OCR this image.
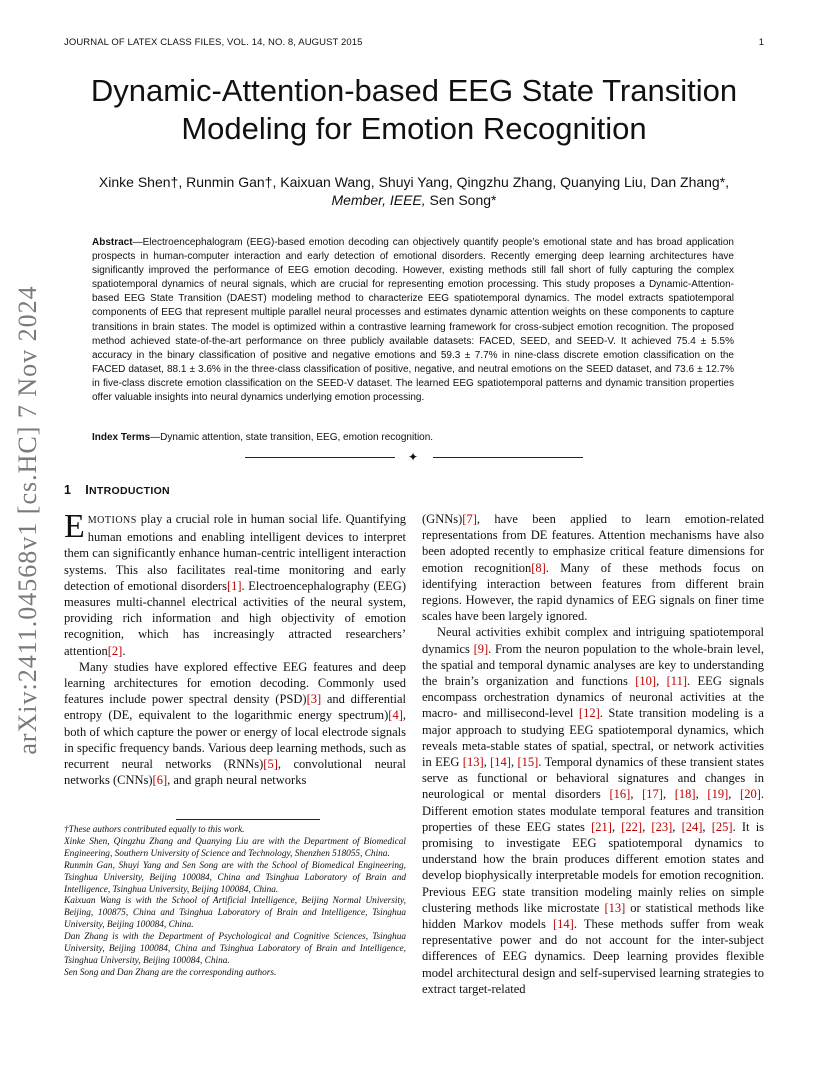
JOURNAL OF LATEX CLASS FILES, VOL. 14, NO. 8, AUGUST 2015	1
arXiv:2411.04568v1 [cs.HC] 7 Nov 2024
Dynamic-Attention-based EEG State Transition
Modeling for Emotion Recognition
Xinke Shen†, Runmin Gan†, Kaixuan Wang, Shuyi Yang, Qingzhu Zhang, Quanying Liu, Dan Zhang*, Member, IEEE, Sen Song*
Abstract—Electroencephalogram (EEG)-based emotion decoding can objectively quantify people’s emotional state and has broad application prospects in human-computer interaction and early detection of emotional disorders. Recently emerging deep learning architectures have significantly improved the performance of EEG emotion decoding. However, existing methods still fall short of fully capturing the complex spatiotemporal dynamics of neural signals, which are crucial for representing emotion processing. This study proposes a Dynamic-Attention-based EEG State Transition (DAEST) modeling method to characterize EEG spatiotemporal dynamics. The model extracts spatiotemporal components of EEG that represent multiple parallel neural processes and estimates dynamic attention weights on these components to capture transitions in brain states. The model is optimized within a contrastive learning framework for cross-subject emotion recognition. The proposed method achieved state-of-the-art performance on three publicly available datasets: FACED, SEED, and SEED-V. It achieved 75.4 ± 5.5% accuracy in the binary classification of positive and negative emotions and 59.3 ± 7.7% in nine-class discrete emotion classification on the FACED dataset, 88.1 ± 3.6% in the three-class classification of positive, negative, and neutral emotions on the SEED dataset, and 73.6 ± 12.7% in five-class discrete emotion classification on the SEED-V dataset. The learned EEG spatiotemporal patterns and dynamic transition properties offer valuable insights into neural dynamics underlying emotion processing.
Index Terms—Dynamic attention, state transition, EEG, emotion recognition.
✦
1 INTRODUCTION

EMOTIONS play a crucial role in human social life. Quantifying human emotions and enabling intelligent devices to interpret them can significantly enhance human-centric intelligent interaction systems. This also facilitates real-time monitoring and early detection of emotional disorders[1]. Electroencephalography (EEG) measures multi-channel electrical activities of the neural system, providing rich information and high objectivity of emotion recognition, which has increasingly attracted researchers’ attention[2].

Many studies have explored effective EEG features and deep learning architectures for emotion decoding. Commonly used features include power spectral density (PSD)[3] and differential entropy (DE, equivalent to the logarithmic energy spectrum)[4], both of which capture the power or energy of local electrode signals in specific frequency bands. Various deep learning methods, such as recurrent neural networks (RNNs)[5], convolutional neural networks (CNNs)[6], and graph neural networks

†These authors contributed equally to this work.
Xinke Shen, Qingzhu Zhang and Quanying Liu are with the Department of Biomedical Engineering, Southern University of Science and Technology, Shenzhen 518055, China.
Runmin Gan, Shuyi Yang and Sen Song are with the School of Biomedical Engineering, Tsinghua University, Beijing 100084, China and Tsinghua Laboratory of Brain and Intelligence, Tsinghua University, Beijing 100084, China.
Kaixuan Wang is with the School of Artificial Intelligence, Beijing Normal University, Beijing, 100875, China and Tsinghua Laboratory of Brain and Intelligence, Tsinghua University, Beijing 100084, China.
Dan Zhang is with the Department of Psychological and Cognitive Sciences, Tsinghua University, Beijing 100084, China and Tsinghua Laboratory of Brain and Intelligence, Tsinghua University, Beijing 100084, China.
Sen Song and Dan Zhang are the corresponding authors.

(GNNs)[7], have been applied to learn emotion-related representations from DE features. Attention mechanisms have also been adopted recently to emphasize critical feature dimensions for emotion recognition[8]. Many of these methods focus on identifying interaction between features from different brain regions. However, the rapid dynamics of EEG signals on finer time scales have been largely ignored.

Neural activities exhibit complex and intriguing spatiotemporal dynamics [9]. From the neuron population to the whole-brain level, the spatial and temporal dynamic analyses are key to understanding the brain’s organization and functions [10], [11]. EEG signals encompass orchestration dynamics of neuronal activities at the macro- and millisecond-level [12]. State transition modeling is a major approach to studying EEG spatiotemporal dynamics, which reveals meta-stable states of spatial, spectral, or network activities in EEG [13], [14], [15]. Temporal dynamics of these transient states serve as functional or behavioral signatures and changes in neurological or mental disorders [16], [17], [18], [19], [20]. Different emotion states modulate temporal features and transition properties of these EEG states [21], [22], [23], [24], [25]. It is promising to investigate EEG spatiotemporal dynamics to understand how the brain produces different emotion states and develop biophysically interpretable models for emotion recognition. Previous EEG state transition modeling mainly relies on simple clustering methods like microstate [13] or statistical methods like hidden Markov models [14]. These methods suffer from weak representative power and do not account for the inter-subject differences of EEG dynamics. Deep learning provides flexible model architectural design and self-supervised learning strategies to extract target-related
